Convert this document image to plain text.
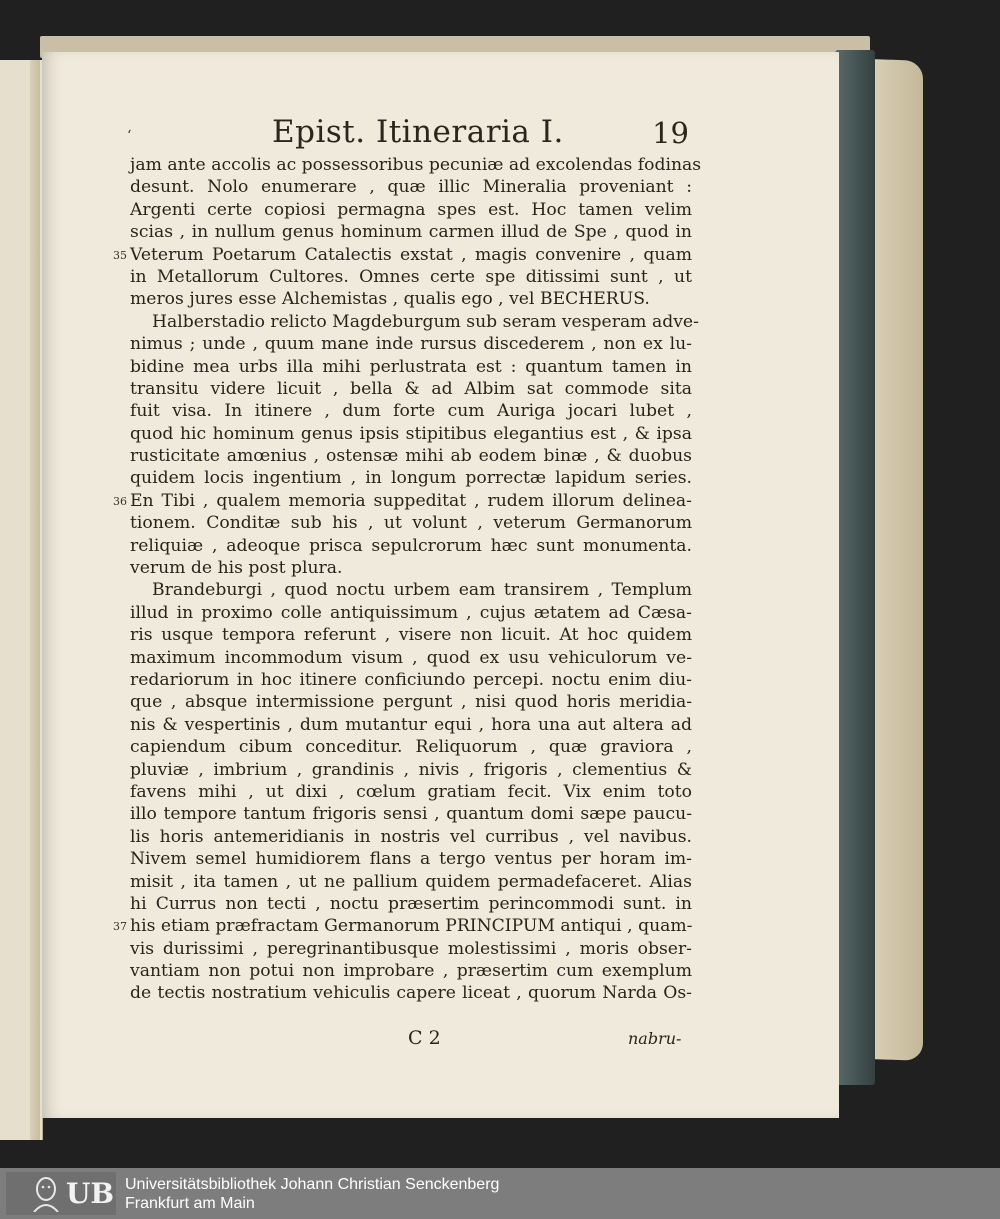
ʻ	Epist. Itineraria I.	19
jam ante accolis ac possessoribus pecuniæ ad excolendas fodinas
desunt. Nolo enumerare , quæ illic Mineralia proveniant :
Argenti certe copiosi permagna spes est. Hoc tamen velim
scias , in nullum genus hominum carmen illud de Spe , quod in
35 Veterum Poetarum Catalectis exstat , magis convenire , quam
in Metallorum Cultores. Omnes certe spe ditissimi sunt , ut
meros jures esse Alchemistas , qualis ego , vel BECHERUS.
Halberstadio relicto Magdeburgum sub seram vesperam adve-
nimus ; unde , quum mane inde rursus discederem , non ex lu-
bidine mea urbs illa mihi perlustrata est : quantum tamen in
transitu videre licuit , bella & ad Albim sat commode sita
fuit visa. In itinere , dum forte cum Auriga jocari lubet ,
quod hic hominum genus ipsis stipitibus elegantius est , & ipsa
rusticitate amœnius , ostensæ mihi ab eodem binæ , & duobus
quidem locis ingentium , in longum porrectæ lapidum series.
36 En Tibi , qualem memoria suppeditat , rudem illorum delinea-
tionem. Conditæ sub his , ut volunt , veterum Germanorum
reliquiæ , adeoque prisca sepulcrorum hæc sunt monumenta.
verum de his post plura.
Brandeburgi , quod noctu urbem eam transirem , Templum
illud in proximo colle antiquissimum , cujus ætatem ad Cæsa-
ris usque tempora referunt , visere non licuit. At hoc quidem
maximum incommodum visum , quod ex usu vehiculorum ve-
redariorum in hoc itinere conficiundo percepi. noctu enim diu-
que , absque intermissione pergunt , nisi quod horis meridia-
nis & vespertinis , dum mutantur equi , hora una aut altera ad
capiendum cibum conceditur. Reliquorum , quæ graviora ,
pluviæ , imbrium , grandinis , nivis , frigoris , clementius &
favens mihi , ut dixi , cœlum gratiam fecit. Vix enim toto
illo tempore tantum frigoris sensi , quantum domi sæpe paucu-
lis horis antemeridianis in nostris vel curribus , vel navibus.
Nivem semel humidiorem flans a tergo ventus per horam im-
misit , ita tamen , ut ne pallium quidem permadefaceret. Alias
hi Currus non tecti , noctu præsertim perincommodi sunt. in
37 his etiam præfractam Germanorum PRINCIPUM antiqui , quam-
vis durissimi , peregrinantibusque molestissimi , moris obser-
vantiam non potui non improbare , præsertim cum exemplum
de tectis nostratium vehiculis capere liceat , quorum Narda Os-
C 2	nabru-
UB Universitätsbibliothek Johann Christian Senckenberg
Frankfurt am Main
